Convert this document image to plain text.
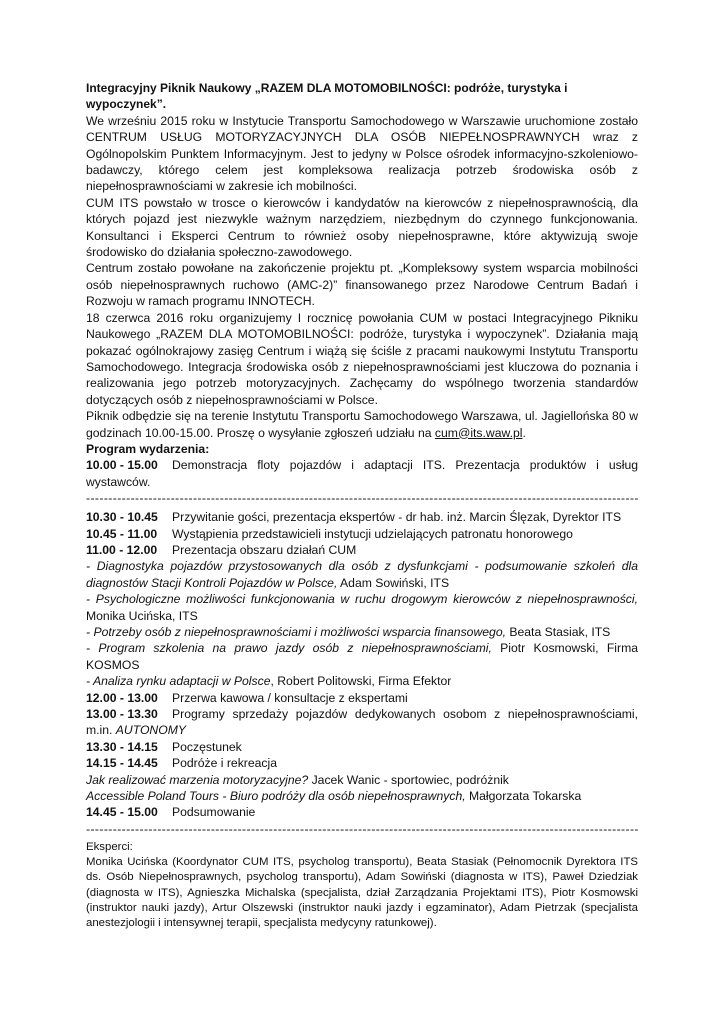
Integracyjny Piknik Naukowy „RAZEM DLA MOTOMOBILNOŚCI: podróże, turystyka i wypoczynek”.

We wrześniu 2015 roku w Instytucie Transportu Samochodowego w Warszawie uruchomione zostało CENTRUM USŁUG MOTORYZACYJNYCH DLA OSÓB NIEPEŁNOSPRAWNYCH wraz z Ogólnopolskim Punktem Informacyjnym. Jest to jedyny w Polsce ośrodek informacyjno-szkoleniowo-badawczy, którego celem jest kompleksowa realizacja potrzeb środowiska osób z niepełnosprawnościami w zakresie ich mobilności.

CUM ITS powstało w trosce o kierowców i kandydatów na kierowców z niepełnosprawnością, dla których pojazd jest niezwykle ważnym narzędziem, niezbędnym do czynnego funkcjonowania. Konsultanci i Eksperci Centrum to również osoby niepełnosprawne, które aktywizują swoje środowisko do działania społeczno-zawodowego.

Centrum zostało powołane na zakończenie projektu pt. „Kompleksowy system wsparcia mobilności osób niepełnosprawnych ruchowo (AMC-2)” finansowanego przez Narodowe Centrum Badań i Rozwoju w ramach programu INNOTECH.

18 czerwca 2016 roku organizujemy I rocznicę powołania CUM w postaci Integracyjnego Pikniku Naukowego „RAZEM DLA MOTOMOBILNOŚCI: podróże, turystyka i wypoczynek”. Działania mają pokazać ogólnokrajowy zasięg Centrum i wiążą się ściśle z pracami naukowymi Instytutu Transportu Samochodowego. Integracja środowiska osób z niepełnosprawnościami jest kluczowa do poznania i realizowania jego potrzeb motoryzacyjnych. Zachęcamy do wspólnego tworzenia standardów dotyczących osób z niepełnosprawnościami w Polsce.

Piknik odbędzie się na terenie Instytutu Transportu Samochodowego Warszawa, ul. Jagiellońska 80 w godzinach 10.00-15.00. Proszę o wysyłanie zgłoszeń udziału na cum@its.waw.pl.

Program wydarzenia:

10.00 - 15.00 Demonstracja floty pojazdów i adaptacji ITS. Prezentacja produktów i usług wystawców.

-----

10.30 - 10.45 Przywitanie gości, prezentacja ekspertów - dr hab. inż. Marcin Ślęzak, Dyrektor ITS

10.45 - 11.00 Wystąpienia przedstawicieli instytucji udzielających patronatu honorowego

11.00 - 12.00 Prezentacja obszaru działań CUM

- Diagnostyka pojazdów przystosowanych dla osób z dysfunkcjami - podsumowanie szkoleń dla diagnostów Stacji Kontroli Pojazdów w Polsce, Adam Sowiński, ITS

- Psychologiczne możliwości funkcjonowania w ruchu drogowym kierowców z niepełnosprawności, Monika Ucińska, ITS

- Potrzeby osób z niepełnosprawnościami i możliwości wsparcia finansowego, Beata Stasiak, ITS

- Program szkolenia na prawo jazdy osób z niepełnosprawnościami, Piotr Kosmowski, Firma KOSMOS

- Analiza rynku adaptacji w Polsce, Robert Politowski, Firma Efektor

12.00 - 13.00 Przerwa kawowa / konsultacje z ekspertami

13.00 - 13.30 Programy sprzedaży pojazdów dedykowanych osobom z niepełnosprawnościami, m.in. AUTONOMY

13.30 - 14.15 Poczęstunek

14.15 - 14.45 Podróże i rekreacja

Jak realizować marzenia motoryzacyjne? Jacek Wanic - sportowiec, podróżnik

Accessible Poland Tours - Biuro podróży dla osób niepełnosprawnych, Małgorzata Tokarska

14.45 - 15.00 Podsumowanie

-----

Eksperci:

Monika Ucińska (Koordynator CUM ITS, psycholog transportu), Beata Stasiak (Pełnomocnik Dyrektora ITS ds. Osób Niepełnosprawnych, psycholog transportu), Adam Sowiński (diagnosta w ITS), Paweł Dziedziak (diagnosta w ITS), Agnieszka Michalska (specjalista, dział Zarządzania Projektami ITS), Piotr Kosmowski (instruktor nauki jazdy), Artur Olszewski (instruktor nauki jazdy i egzaminator), Adam Pietrzak (specjalista anestezjologii i intensywnej terapii, specjalista medycyny ratunkowej).
